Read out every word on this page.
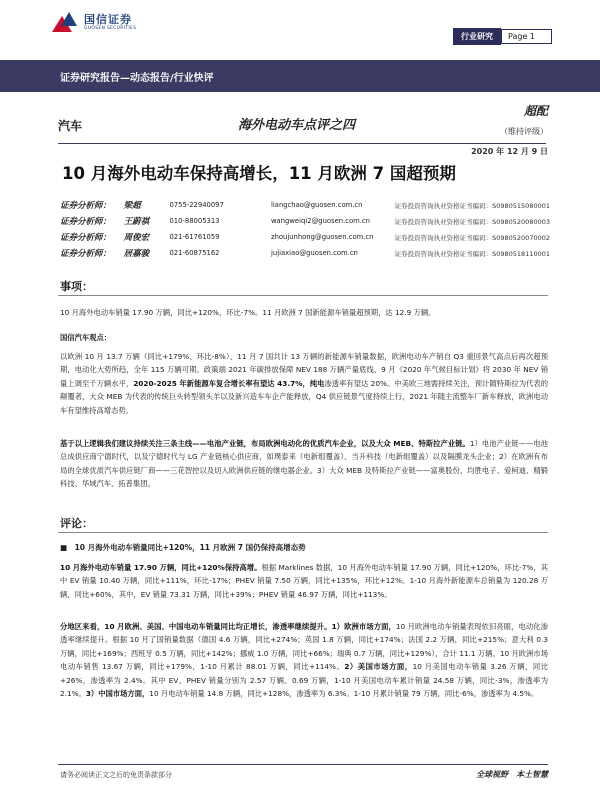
国信证券
GUOSEN SECURITIES
行业研究	Page 1
证券研究报告—动态报告/行业快评
汽车	海外电动车点评之四
超配
（维持评级）
2020 年 12 月 9 日
10 月海外电动车保持高增长，11 月欧洲 7 国超预期
证券分析师：	梁超	0755-22940097	liangchao@guosen.com.cn	证券投资咨询执业资格证书编码：S0980515080001
证券分析师：	王蔚祺	010-88005313	wangweiqi2@guosen.com.cn	证券投资咨询执业资格证书编码：S0980520080003
证券分析师：	周俊宏	021-61761059	zhoujunhong@guosen.com.cn	证券投资咨询执业资格证书编码：S0980520070002
证券分析师：	居嘉骏	021-60875162	jujiaxiao@guosen.com.cn	证券投资咨询执业资格证书编码：S0980518110001
事项：
10 月海外电动车销量 17.90 万辆，同比+120%，环比-7%。11 月欧洲 7 国新能源车销量超预期，达 12.9 万辆。
国信汽车观点：
以欧洲 10 月 13.7 万辆（同比+179%、环比-8%）、11 月 7 国共计 13 万辆的新能源车销量数据，欧洲电动车产销自 Q3 重回景气高点后再次超预期，电动化大势所趋，全年 115 万辆可期。政策端 2021 年碳排放保障 NEV 188 万辆产量底线，9 月《2020 年气候目标计划》将 2030 年 NEV 销量上调至千万辆水平，2020-2025 年新能源车复合增长率有望达 43.7%，纯电渗透率有望达 20%。中美欧三地需持续关注，预计随特斯拉为代表的颠覆者，大众 MEB 为代表的传统巨头转型领头羊以及新兴造车车企产能释放，Q4 供应链景气度持续上行，2021 年随主流整车厂新车释放，欧洲电动车有望维持高增态势。
基于以上逻辑我们建议持续关注三条主线——电池产业链，布局欧洲电动化的优质汽车企业，以及大众 MEB、特斯拉产业链。1）电池产业链——电池总成供应商宁德时代，以及宁德时代与 LG 产业链核心供应商，如璞泰来（电新组覆盖）、当升科技（电新组覆盖）以及隔膜龙头企业；2）在欧洲有布局的全球优质汽车供应链厂商——三花智控以及切入欧洲供应链的继电器企业。3）大众 MEB 及特斯拉产业链——富奥股份、均胜电子、爱柯迪、精锻科技、华域汽车、拓普集团。
评论：
■　10 月海外电动车销量同比+120%，11 月欧洲 7 国仍保持高增态势
10 月海外电动车销量 17.90 万辆，同比+120%保持高增。根据 Marklines 数据，10 月海外电动车销量 17.90 万辆，同比+120%，环比-7%，其中 EV 销量 10.40 万辆，同比+111%，环比-17%；PHEV 销量 7.50 万辆，同比+135%，环比+12%。1-10 月海外新能源车总销量为 120.28 万辆，同比+60%，其中，EV 销量 73.31 万辆，同比+39%；PHEV 销量 46.97 万辆，同比+113%。
分地区来看，10 月欧洲、美国、中国电动车销量同比均正增长，渗透率继续提升。1）欧洲市场方面，10 月欧洲电动车销量表现依旧亮眼，电动化渗透率继续提升。根据 10 月了国销量数据（德国 4.6 万辆，同比+274%；英国 1.8 万辆，同比+174%；法国 2.2 万辆，同比+215%；意大利 0.3 万辆，同比+169%；西班牙 0.5 万辆，同比+142%；挪威 1.0 万辆，同比+66%；瑞典 0.7 万辆，同比+129%），合计 11.1 万辆。10 月欧洲市场电动车销售 13.67 万辆，同比+179%，1-10 月累计 88.01 万辆，同比+114%。2）美国市场方面，10 月美国电动车销量 3.26 万辆，同比+26%，渗透率为 2.4%。其中 EV、PHEV 销量分别为 2.57 万辆、0.69 万辆，1-10 月美国电动车累计销量 24.58 万辆，同比-3%，渗透率为 2.1%。3）中国市场方面，10 月电动车销量 14.8 万辆，同比+128%，渗透率为 6.3%。1-10 月累计销量 79 万辆，同比-6%，渗透率为 4.5%。
请务必阅读正文之后的免责条款部分	全球视野　本土智慧
